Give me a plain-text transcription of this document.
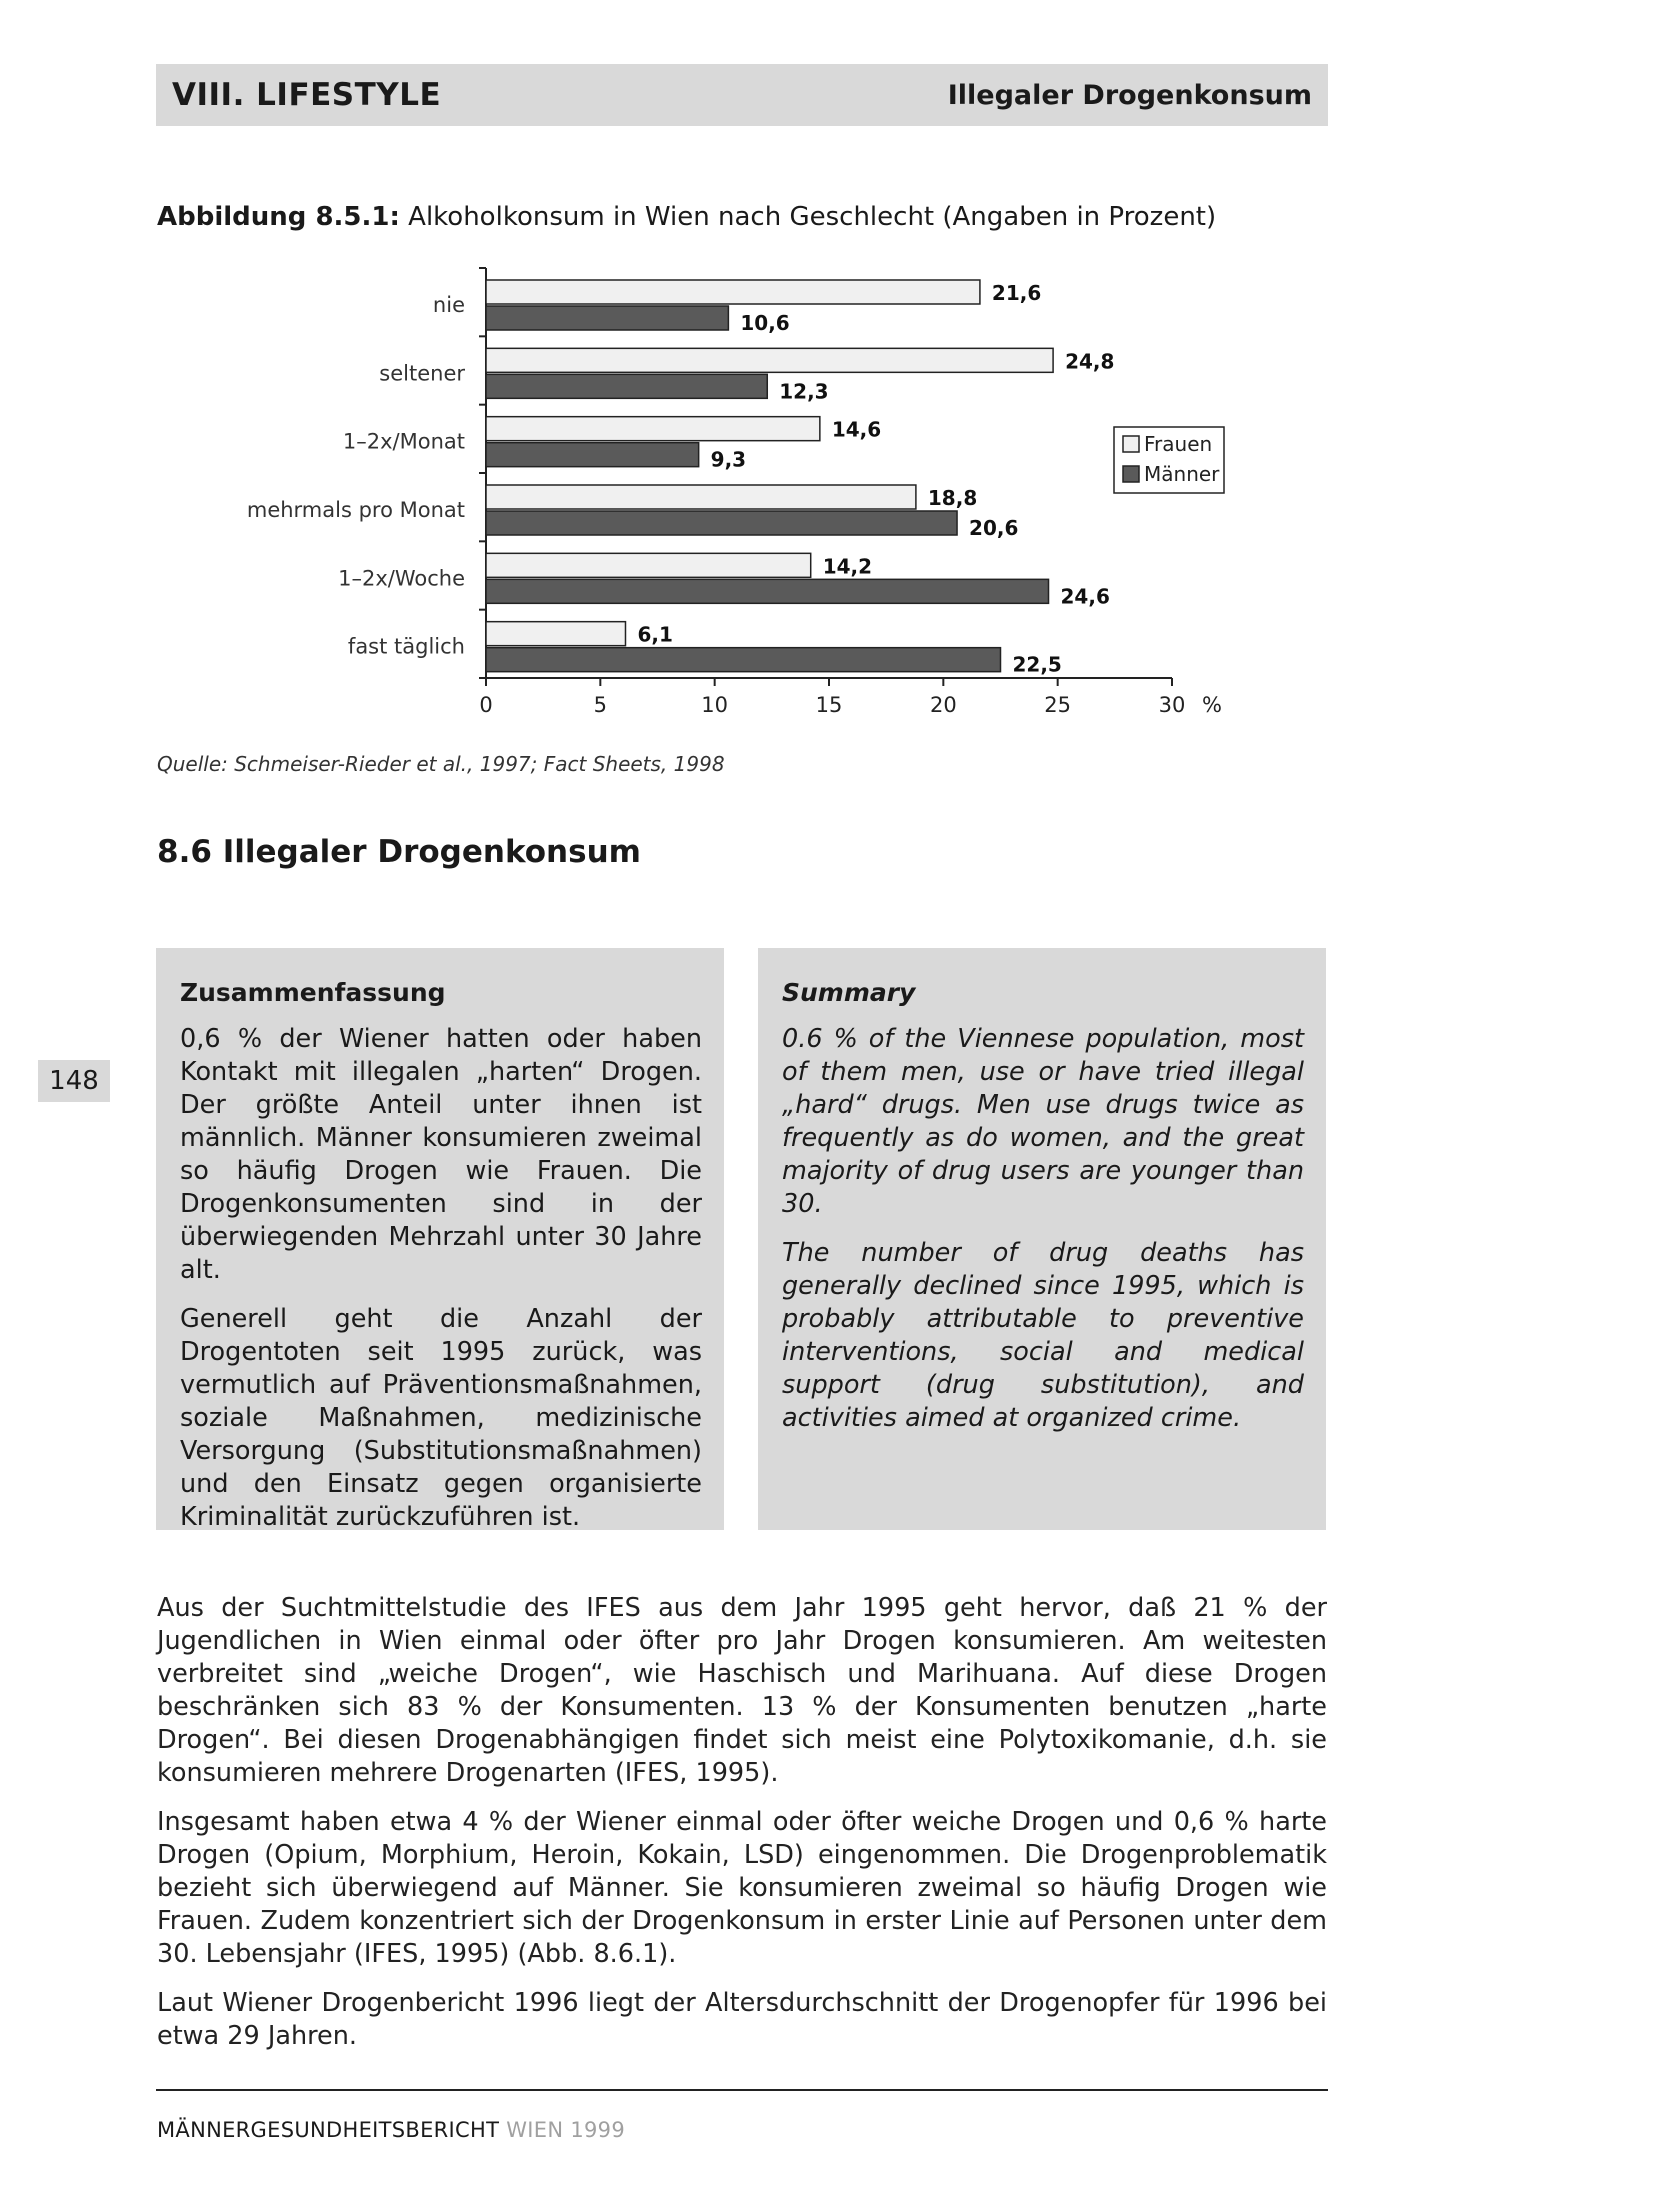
VIII. LIFESTYLE	Illegaler Drogenkonsum
Abbildung 8.5.1: Alkoholkonsum in Wien nach Geschlecht (Angaben in Prozent)
0	5	10	15	20	25	30 %
nie	21,6
10,6
seltener	24,8
12,3
1–2x/Monat	14,6
9,3
mehrmals pro Monat	18,8
20,6
1–2x/Woche	14,2
24,6
fast täglich	6,1
22,5
Frauen
Männer
Quelle: Schmeiser-Rieder et al., 1997; Fact Sheets, 1998
8.6 Illegaler Drogenkonsum
Zusammenfassung

0,6 % der Wiener hatten oder haben Kontakt mit illegalen „harten“ Drogen. Der größte Anteil unter ihnen ist männlich. Männer konsumieren zweimal so häufig Drogen wie Frauen. Die Drogenkonsumenten sind in der überwiegenden Mehrzahl unter 30 Jahre alt.

Generell geht die Anzahl der Drogentoten seit 1995 zurück, was vermutlich auf Präventionsmaßnahmen, soziale Maßnahmen, medizinische Versorgung (Substitutionsmaßnahmen) und den Einsatz gegen organisierte Kriminalität zurückzuführen ist.

Summary

0.6 % of the Viennese population, most of them men, use or have tried illegal „hard“ drugs. Men use drugs twice as frequently as do women, and the great majority of drug users are younger than 30.

The number of drug deaths has generally declined since 1995, which is probably attributable to preventive interventions, social and medical support (drug substitution), and activities aimed at organized crime.

148

Aus der Suchtmittelstudie des IFES aus dem Jahr 1995 geht hervor, daß 21 % der Jugendlichen in Wien einmal oder öfter pro Jahr Drogen konsumieren. Am weitesten verbreitet sind „weiche Drogen“, wie Haschisch und Marihuana. Auf diese Drogen beschränken sich 83 % der Konsumenten. 13 % der Konsumenten benutzen „harte Drogen“. Bei diesen Drogenabhängigen findet sich meist eine Polytoxikomanie, d.h. sie konsumieren mehrere Drogenarten (IFES, 1995).

Insgesamt haben etwa 4 % der Wiener einmal oder öfter weiche Drogen und 0,6 % harte Drogen (Opium, Morphium, Heroin, Kokain, LSD) eingenommen. Die Drogenproblematik bezieht sich überwiegend auf Männer. Sie konsumieren zweimal so häufig Drogen wie Frauen. Zudem konzentriert sich der Drogenkonsum in erster Linie auf Personen unter dem 30. Lebensjahr (IFES, 1995) (Abb. 8.6.1).

Laut Wiener Drogenbericht 1996 liegt der Altersdurchschnitt der Drogenopfer für 1996 bei etwa 29 Jahren.

MÄNNERGESUNDHEITSBERICHT WIEN 1999
